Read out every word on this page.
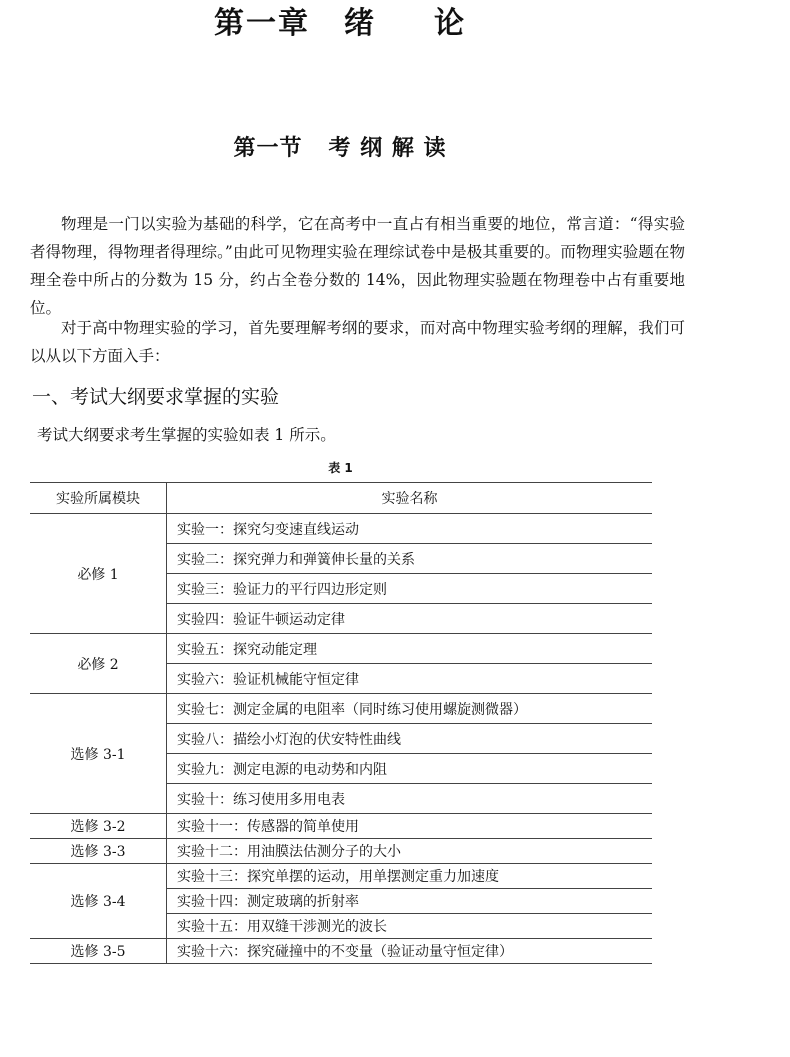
第一章 绪 论
第一节 考 纲 解 读

物理是一门以实验为基础的科学，它在高考中一直占有相当重要的地位，常言道：“得实验者得物理，得物理者得理综。”由此可见物理实验在理综试卷中是极其重要的。而物理实验题在物理全卷中所占的分数为 15 分，约占全卷分数的 14%，因此物理实验题在物理卷中占有重要地位。

对于高中物理实验的学习，首先要理解考纲的要求，而对高中物理实验考纲的理解，我们可以从以下方面入手：

一、考试大纲要求掌握的实验
考试大纲要求考生掌握的实验如表 1 所示。
表 1
实验所属模块	实验名称
必修 1	实验一：探究匀变速直线运动
	实验二：探究弹力和弹簧伸长量的关系
	实验三：验证力的平行四边形定则
	实验四：验证牛顿运动定律
必修 2	实验五：探究动能定理
	实验六：验证机械能守恒定律
选修 3-1	实验七：测定金属的电阻率（同时练习使用螺旋测微器）
	实验八：描绘小灯泡的伏安特性曲线
	实验九：测定电源的电动势和内阻
	实验十：练习使用多用电表
选修 3-2	实验十一：传感器的简单使用
选修 3-3	实验十二：用油膜法估测分子的大小
选修 3-4	实验十三：探究单摆的运动，用单摆测定重力加速度
	实验十四：测定玻璃的折射率
	实验十五：用双缝干涉测光的波长
选修 3-5	实验十六：探究碰撞中的不变量（验证动量守恒定律）
